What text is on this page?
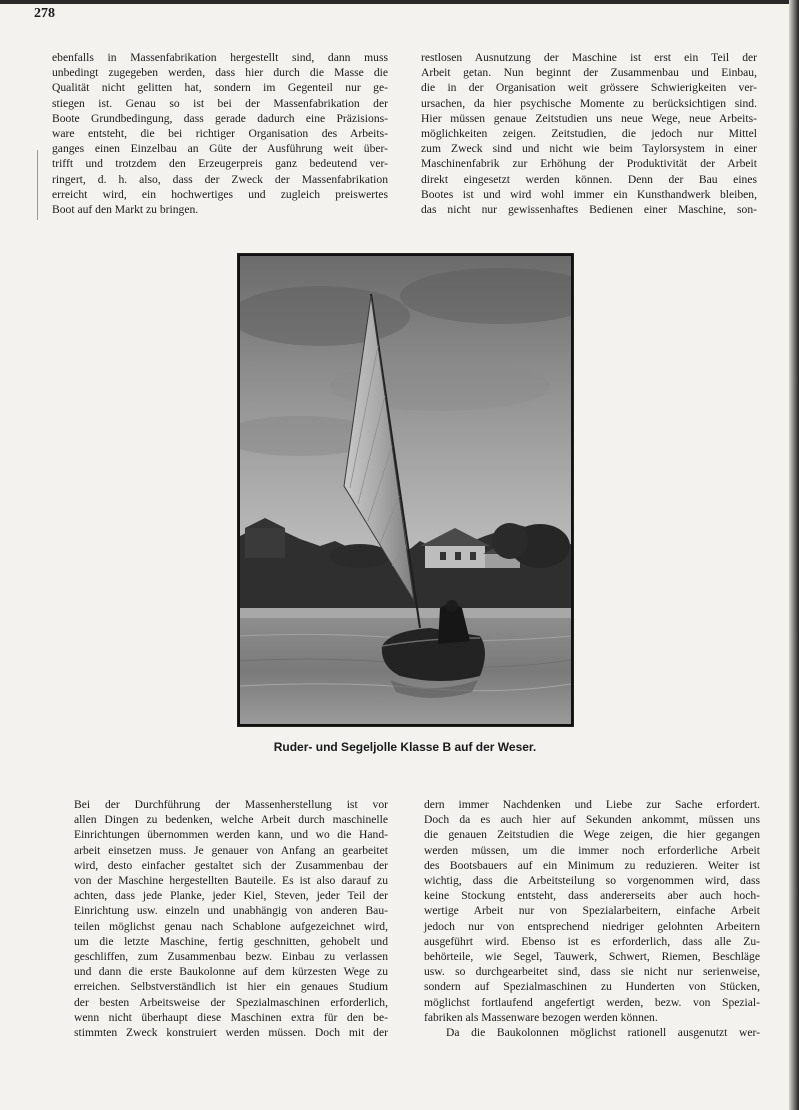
278

ebenfalls in Massenfabrikation hergestellt sind, dann muss
unbedingt zugegeben werden, dass hier durch die Masse die
Qualität nicht gelitten hat, sondern im Gegenteil nur ge-
stiegen ist. Genau so ist bei der Massenfabrikation der
Boote Grundbedingung, dass gerade dadurch eine Präzisions-
ware entsteht, die bei richtiger Organisation des Arbeits-
ganges einen Einzelbau an Güte der Ausführung weit über-
trifft und trotzdem den Erzeugerpreis ganz bedeutend ver-
ringert, d. h. also, dass der Zweck der Massenfabrikation
erreicht wird, ein hochwertiges und zugleich preiswertes
Boot auf den Markt zu bringen.

restlosen Ausnutzung der Maschine ist erst ein Teil der
Arbeit getan. Nun beginnt der Zusammenbau und Einbau,
die in der Organisation weit grössere Schwierigkeiten ver-
ursachen, da hier psychische Momente zu berücksichtigen sind.
Hier müssen genaue Zeitstudien uns neue Wege, neue Arbeits-
möglichkeiten zeigen. Zeitstudien, die jedoch nur Mittel
zum Zweck sind und nicht wie beim Taylorsystem in einer
Maschinenfabrik zur Erhöhung der Produktivität der Arbeit
direkt eingesetzt werden können. Denn der Bau eines
Bootes ist und wird wohl immer ein Kunsthandwerk bleiben,
das nicht nur gewissenhaftes Bedienen einer Maschine, son-

Ruder- und Segeljolle Klasse B auf der Weser.

Bei der Durchführung der Massenherstellung ist vor
allen Dingen zu bedenken, welche Arbeit durch maschinelle
Einrichtungen übernommen werden kann, und wo die Hand-
arbeit einsetzen muss. Je genauer von Anfang an gearbeitet
wird, desto einfacher gestaltet sich der Zusammenbau der
von der Maschine hergestellten Bauteile. Es ist also darauf zu
achten, dass jede Planke, jeder Kiel, Steven, jeder Teil der
Einrichtung usw. einzeln und unabhängig von anderen Bau-
teilen möglichst genau nach Schablone aufgezeichnet wird,
um die letzte Maschine, fertig geschnitten, gehobelt und
geschliffen, zum Zusammenbau bezw. Einbau zu verlassen
und dann die erste Baukolonne auf dem kürzesten Wege zu
erreichen. Selbstverständlich ist hier ein genaues Studium
der besten Arbeitsweise der Spezialmaschinen erforderlich,
wenn nicht überhaupt diese Maschinen extra für den be-
stimmten Zweck konstruiert werden müssen. Doch mit der

dern immer Nachdenken und Liebe zur Sache erfordert.
Doch da es auch hier auf Sekunden ankommt, müssen uns
die genauen Zeitstudien die Wege zeigen, die hier gegangen
werden müssen, um die immer noch erforderliche Arbeit
des Bootsbauers auf ein Minimum zu reduzieren. Weiter ist
wichtig, dass die Arbeitsteilung so vorgenommen wird, dass
keine Stockung entsteht, dass andererseits aber auch hoch-
wertige Arbeit nur von Spezialarbeitern, einfache Arbeit
jedoch nur von entsprechend niedriger gelohnten Arbeitern
ausgeführt wird. Ebenso ist es erforderlich, dass alle Zu-
behörteile, wie Segel, Tauwerk, Schwert, Riemen, Beschläge
usw. so durchgearbeitet sind, dass sie nicht nur serienweise,
sondern auf Spezialmaschinen zu Hunderten von Stücken,
möglichst fortlaufend angefertigt werden, bezw. von Spezial-
fabriken als Massenware bezogen werden können.

Da die Baukolonnen möglichst rationell ausgenutzt wer-
